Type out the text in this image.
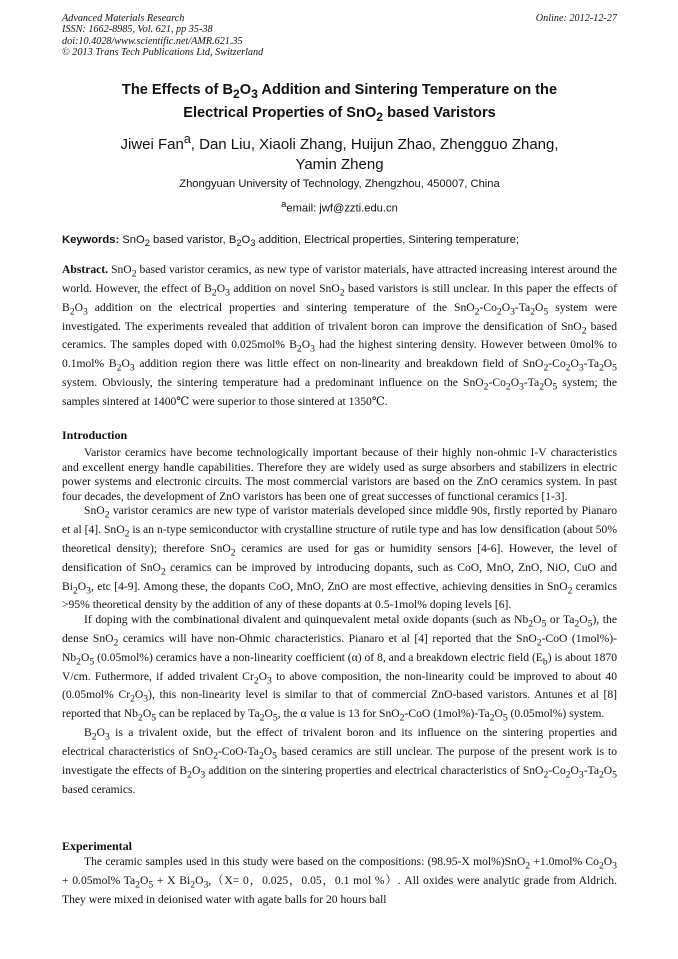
Advanced Materials Research
ISSN: 1662-8985, Vol. 621, pp 35-38
doi:10.4028/www.scientific.net/AMR.621.35
© 2013 Trans Tech Publications Ltd, Switzerland
Online: 2012-12-27
The Effects of $B_2O_3$ Addition and Sintering Temperature on the
Electrical Properties of SnO$_2$ based Varistors
Jiwei Fan$^a$, Dan Liu, Xiaoli Zhang, Huijun Zhao, Zhengguo Zhang,
Yamin Zheng
Zhongyuan University of Technology, Zhengzhou, 450007, China
$^a$email: jwf@zzti.edu.cn
Keywords: SnO$_2$ based varistor, $B_2O_3$ addition, Electrical properties, Sintering temperature;

Abstract. SnO$_2$ based varistor ceramics, as new type of varistor materials, have attracted increasing interest around the world. However, the effect of $B_2O_3$ addition on novel SnO$_2$ based varistors is still unclear. In this paper the effects of $B_2O_3$ addition on the electrical properties and sintering temperature of the $SnO_2-Co_2O_3-Ta_2O_5$ system were investigated. The experiments revealed that addition of trivalent boron can improve the densification of SnO$_2$ based ceramics. The samples doped with 0.025mol% $B_2O_3$ had the highest sintering density. However between 0mol% to 0.1mol% $B_2O_3$ addition region there was little effect on non-linearity and breakdown field of $SnO_2-Co_2O_3-Ta_2O_5$ system. Obviously, the sintering temperature had a predominant influence on the $SnO_2-Co_2O_3-Ta_2O_5$ system; the samples sintered at 1400℃ were superior to those sintered at 1350℃.

Introduction

Varistor ceramics have become technologically important because of their highly non-ohmic I-V characteristics and excellent energy handle capabilities. Therefore they are widely used as surge absorbers and stabilizers in electric power systems and electronic circuits. The most commercial varistors are based on the ZnO ceramics system. In past four decades, the development of ZnO varistors has been one of great successes of functional ceramics [1-3].

SnO$_2$ varistor ceramics are new type of varistor materials developed since middle 90s, firstly reported by Pianaro et al [4]. SnO$_2$ is an n-type semiconductor with crystalline structure of rutile type and has low densification (about 50% theoretical density); therefore SnO$_2$ ceramics are used for gas or humidity sensors [4-6]. However, the level of densification of SnO$_2$ ceramics can be improved by introducing dopants, such as CoO, MnO, ZnO, NiO, CuO and $Bi_2O_3$, etc [4-9]. Among these, the dopants CoO, MnO, ZnO are most effective, achieving densities in SnO$_2$ ceramics >95% theoretical density by the addition of any of these dopants at 0.5-1mol% doping levels [6].

If doping with the combinational divalent and quinquevalent metal oxide dopants (such as $Nb_2O_5$ or $Ta_2O_5$), the dense SnO$_2$ ceramics will have non-Ohmic characteristics. Pianaro et al [4] reported that the SnO$_2$-CoO $(1mol\%)-Nb_2O_5$ (0.05mol%) ceramics have a non-linearity coefficient (α) of 8, and a breakdown electric field $(E_b)$ is about 1870 V/cm. Futhermore, if added trivalent $Cr_2O_3$ to above composition, the non-linearity could be improved to about 40 (0.05mol% $Cr_2O_3$), this non-linearity level is similar to that of commercial ZnO-based varistors. Antunes et al [8] reported that $Nb_2O_5$ can be replaced by $Ta_2O_5$, the α value is 13 for SnO$_2$-CoO $(1mol\%)-Ta_2O_5$ (0.05mol%) system.

$B_2O_3$ is a trivalent oxide, but the effect of trivalent boron and its influence on the sintering properties and electrical characteristics of $SnO_2-CoO-Ta_2O_5$ based ceramics are still unclear. The purpose of the present work is to investigate the effects of $B_2O_3$ addition on the sintering properties and electrical characteristics of $SnO_2-Co_2O_3-Ta_2O_5$ based ceramics.

Experimental

The ceramic samples used in this study were based on the compositions: (98.95-X mol%)SnO$_2$ +1.0mol% $Co_2O_3 + 0.05mol\%$ $Ta_2O_5 + X$ $Bi_2O_3,(X= 0$，0.025，0.05，0.1 mol %）. All oxides were analytic grade from Aldrich. They were mixed in deionised water with agate balls for 20 hours ball
